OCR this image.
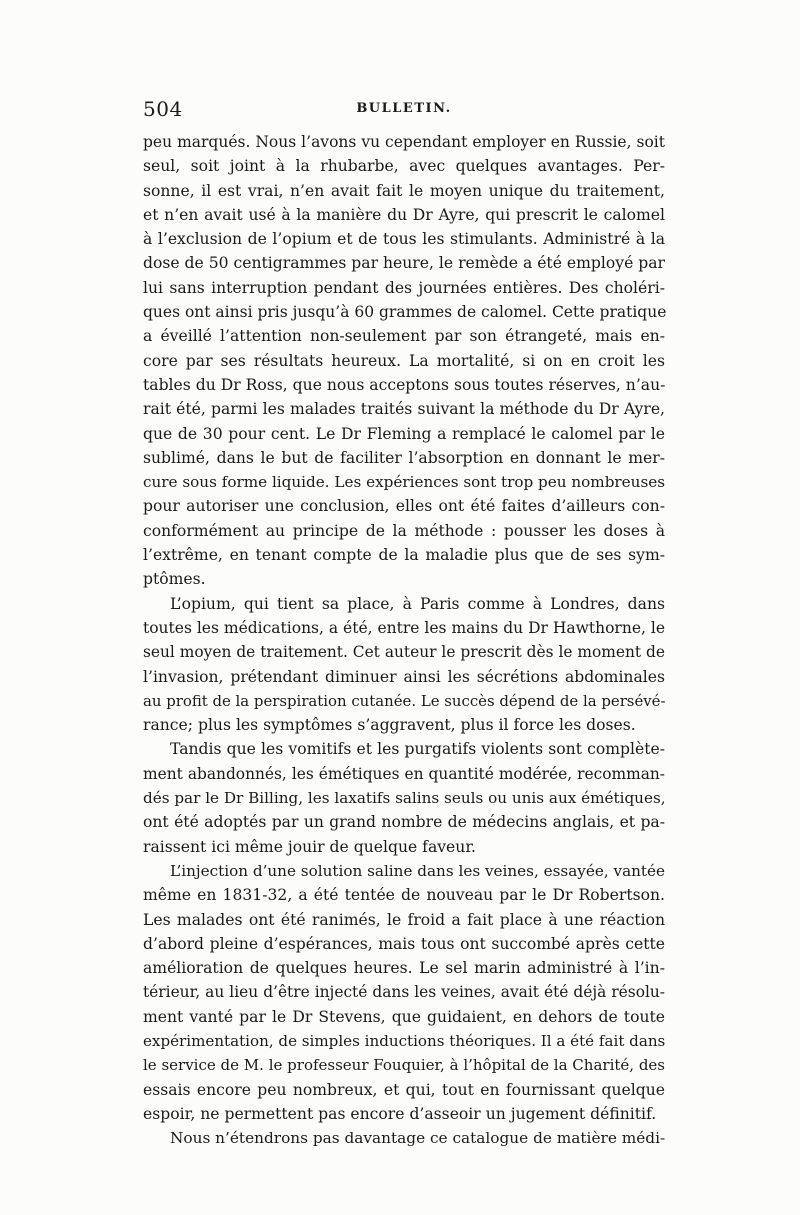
504	BULLETIN.
peu marqués. Nous l’avons vu cependant employer en Russie, soit
seul, soit joint à la rhubarbe, avec quelques avantages. Per-
sonne, il est vrai, n’en avait fait le moyen unique du traitement,
et n’en avait usé à la manière du Dr Ayre, qui prescrit le calomel
à l’exclusion de l’opium et de tous les stimulants. Administré à la
dose de 50 centigrammes par heure, le remède a été employé par
lui sans interruption pendant des journées entières. Des choléri-
ques ont ainsi pris jusqu’à 60 grammes de calomel. Cette pratique
a éveillé l’attention non-seulement par son étrangeté, mais en-
core par ses résultats heureux. La mortalité, si on en croit les
tables du Dr Ross, que nous acceptons sous toutes réserves, n’au-
rait été, parmi les malades traités suivant la méthode du Dr Ayre,
que de 30 pour cent. Le Dr Fleming a remplacé le calomel par le
sublimé, dans le but de faciliter l’absorption en donnant le mer-
cure sous forme liquide. Les expériences sont trop peu nombreuses
pour autoriser une conclusion, elles ont été faites d’ailleurs con-
conformément au principe de la méthode : pousser les doses à
l’extrême, en tenant compte de la maladie plus que de ses sym-
ptômes.
L’opium, qui tient sa place, à Paris comme à Londres, dans
toutes les médications, a été, entre les mains du Dr Hawthorne, le
seul moyen de traitement. Cet auteur le prescrit dès le moment de
l’invasion, prétendant diminuer ainsi les sécrétions abdominales
au profit de la perspiration cutanée. Le succès dépend de la persévé-
rance; plus les symptômes s’aggravent, plus il force les doses.
Tandis que les vomitifs et les purgatifs violents sont complète-
ment abandonnés, les émétiques en quantité modérée, recomman-
dés par le Dr Billing, les laxatifs salins seuls ou unis aux émétiques,
ont été adoptés par un grand nombre de médecins anglais, et pa-
raissent ici même jouir de quelque faveur.
L’injection d’une solution saline dans les veines, essayée, vantée
même en 1831-32, a été tentée de nouveau par le Dr Robertson.
Les malades ont été ranimés, le froid a fait place à une réaction
d’abord pleine d’espérances, mais tous ont succombé après cette
amélioration de quelques heures. Le sel marin administré à l’in-
térieur, au lieu d’être injecté dans les veines, avait été déjà résolu-
ment vanté par le Dr Stevens, que guidaient, en dehors de toute
expérimentation, de simples inductions théoriques. Il a été fait dans
le service de M. le professeur Fouquier, à l’hôpital de la Charité, des
essais encore peu nombreux, et qui, tout en fournissant quelque
espoir, ne permettent pas encore d’asseoir un jugement définitif.
Nous n’étendrons pas davantage ce catalogue de matière médi-
